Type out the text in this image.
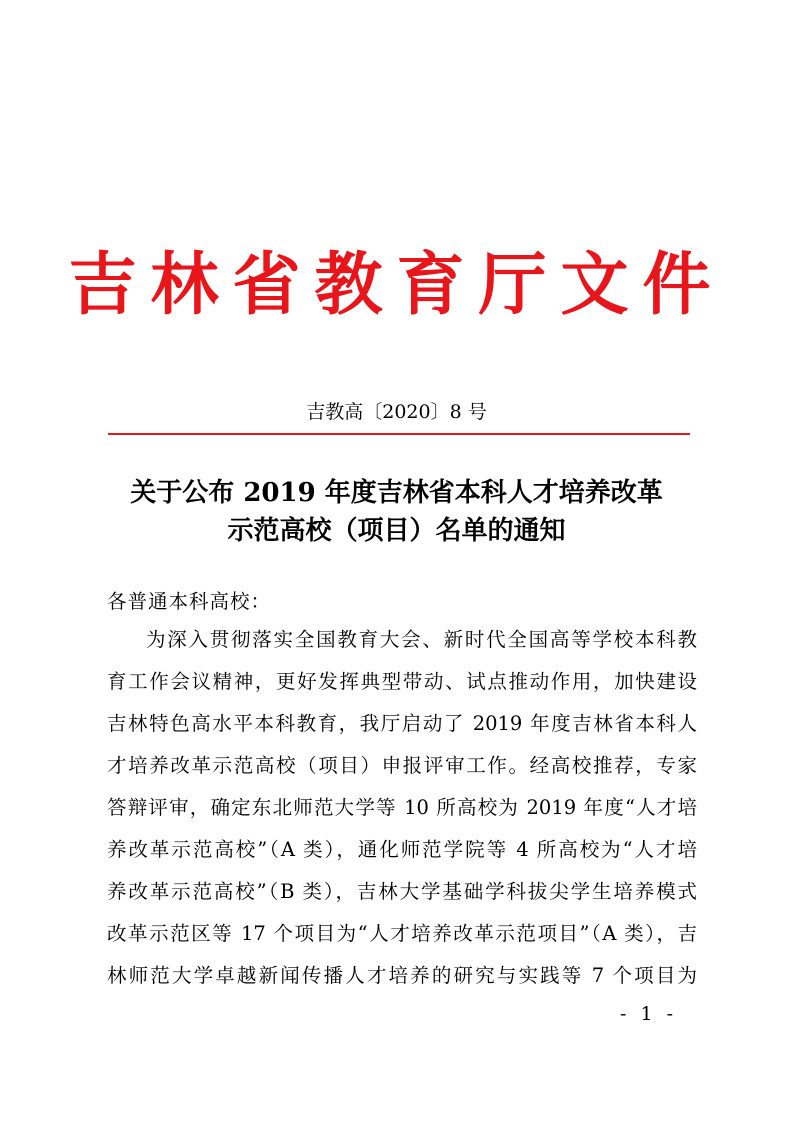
吉林省教育厅文件
吉教高〔2020〕8 号
关于公布 2019 年度吉林省本科人才培养改革
示范高校（项目）名单的通知
各普通本科高校：
为深入贯彻落实全国教育大会、新时代全国高等学校本科教
育工作会议精神，更好发挥典型带动、试点推动作用，加快建设
吉林特色高水平本科教育，我厅启动了 2019 年度吉林省本科人
才培养改革示范高校（项目）申报评审工作。经高校推荐，专家
答辩评审，确定东北师范大学等 10 所高校为 2019 年度“人才培
养改革示范高校”（A 类），通化师范学院等 4 所高校为“人才培
养改革示范高校”（B 类），吉林大学基础学科拔尖学生培养模式
改革示范区等 17 个项目为“人才培养改革示范项目”（A 类），吉
林师范大学卓越新闻传播人才培养的研究与实践等 7 个项目为
- 1 -
